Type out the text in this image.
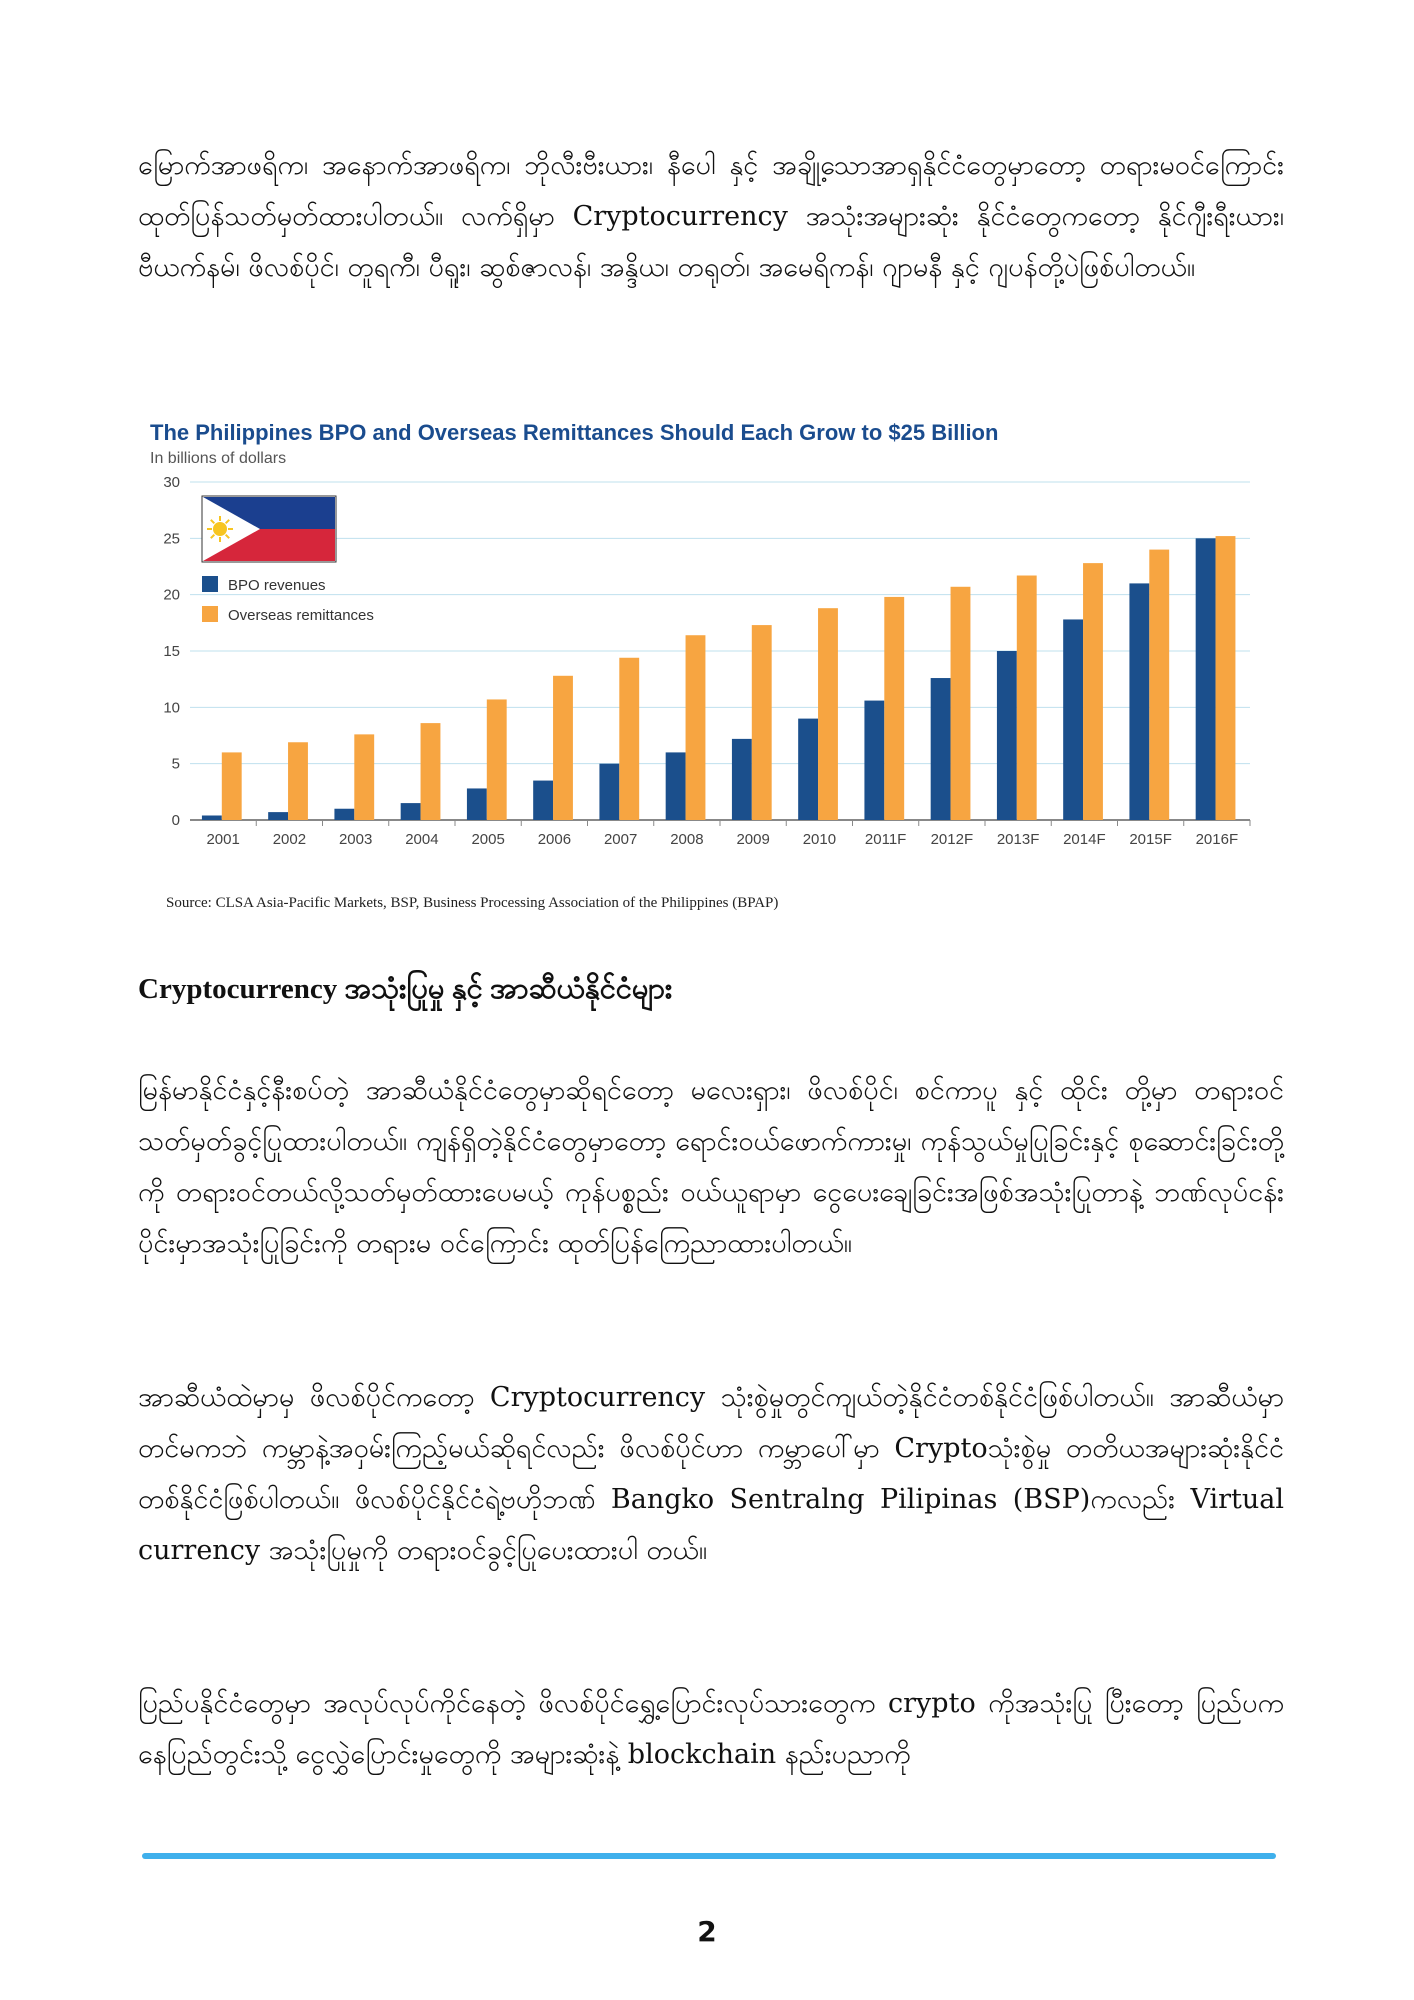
မြောက်အာဖရိက၊ အနောက်အာဖရိက၊ ဘိုလီးဗီးယား၊ နီပေါ နှင့် အချို့သောအာရှနိုင်ငံတွေမှာတော့ တရားမဝင်ကြောင်း ထုတ်ပြန်သတ်မှတ်ထားပါတယ်။ လက်ရှိမှာ Cryptocurrency အသုံးအများဆုံး နိုင်ငံတွေကတော့ နိုင်ဂျီးရီးယား၊ဗီယက်နမ်၊ ဖိလစ်ပိုင်၊ တူရကီ၊ ပီရူး၊ ဆွစ်ဇာလန်၊ အန္ဒိယ၊ တရုတ်၊ အမေရိကန်၊ ဂျာမနီ နှင့် ဂျပန်တို့ပဲဖြစ်ပါတယ်။

The Philippines BPO and Overseas Remittances Should Each Grow to $25 Billion
In billions of dollars
0
5
10
15
20
25
30
2001 2002 2003 2004 2005 2006 2007 2008 2009 2010 2011F 2012F 2013F 2014F 2015F 2016F
BPO revenues
Overseas remittances
Source: CLSA Asia-Pacific Markets, BSP, Business Processing Association of the Philippines (BPAP)
Cryptocurrency အသုံးပြုမှု နှင့် အာဆီယံနိုင်ငံများ

မြန်မာနိုင်ငံနှင့်နီးစပ်တဲ့ အာဆီယံနိုင်ငံတွေမှာဆိုရင်တော့ မလေးရှား၊ ဖိလစ်ပိုင်၊ စင်ကာပူ နှင့် ထိုင်း တို့မှာ တရားဝင်သတ်မှတ်ခွင့်ပြုထားပါတယ်။ ကျန်ရှိတဲ့နိုင်ငံတွေမှာတော့ ရောင်းဝယ်ဖောက်ကားမှု၊ ကုန်သွယ်မှုပြုခြင်းနှင့် စုဆောင်းခြင်းတို့ကို တရားဝင်တယ်လို့သတ်မှတ်ထားပေမယ့် ကုန်ပစ္စည်း ဝယ်ယူရာမှာ ငွေပေးချေခြင်းအဖြစ်အသုံးပြုတာနဲ့ ဘဏ်လုပ်ငန်းပိုင်းမှာအသုံးပြုခြင်းကို တရားမ ဝင်ကြောင်း ထုတ်ပြန်ကြေညာထားပါတယ်။

အာဆီယံထဲမှာမှ ဖိလစ်ပိုင်ကတော့ Cryptocurrency သုံးစွဲမှုတွင်ကျယ်တဲ့နိုင်ငံတစ်နိုင်ငံဖြစ်ပါတယ်။ အာဆီယံမှာတင်မကဘဲ ကမ္ဘာနဲ့အဝှမ်းကြည့်မယ်ဆိုရင်လည်း ဖိလစ်ပိုင်ဟာ ကမ္ဘာပေါ်မှာ Cryptoသုံးစွဲမှု တတိယအများဆုံးနိုင်ငံတစ်နိုင်ငံဖြစ်ပါတယ်။ ဖိလစ်ပိုင်နိုင်ငံရဲ့ဗဟိုဘဏ် Bangko Sentralng Pilipinas (BSP)ကလည်း Virtual currency အသုံးပြုမှုကို တရားဝင်ခွင့်ပြုပေးထားပါ တယ်။

ပြည်ပနိုင်ငံတွေမှာ အလုပ်လုပ်ကိုင်နေတဲ့ ဖိလစ်ပိုင်ရွှေ့ပြောင်းလုပ်သားတွေက crypto ကိုအသုံးပြု ပြီးတော့ ပြည်ပကနေပြည်တွင်းသို့ ငွေလွှဲပြောင်းမှုတွေကို အများဆုံးနဲ့ blockchain နည်းပညာကို

2
